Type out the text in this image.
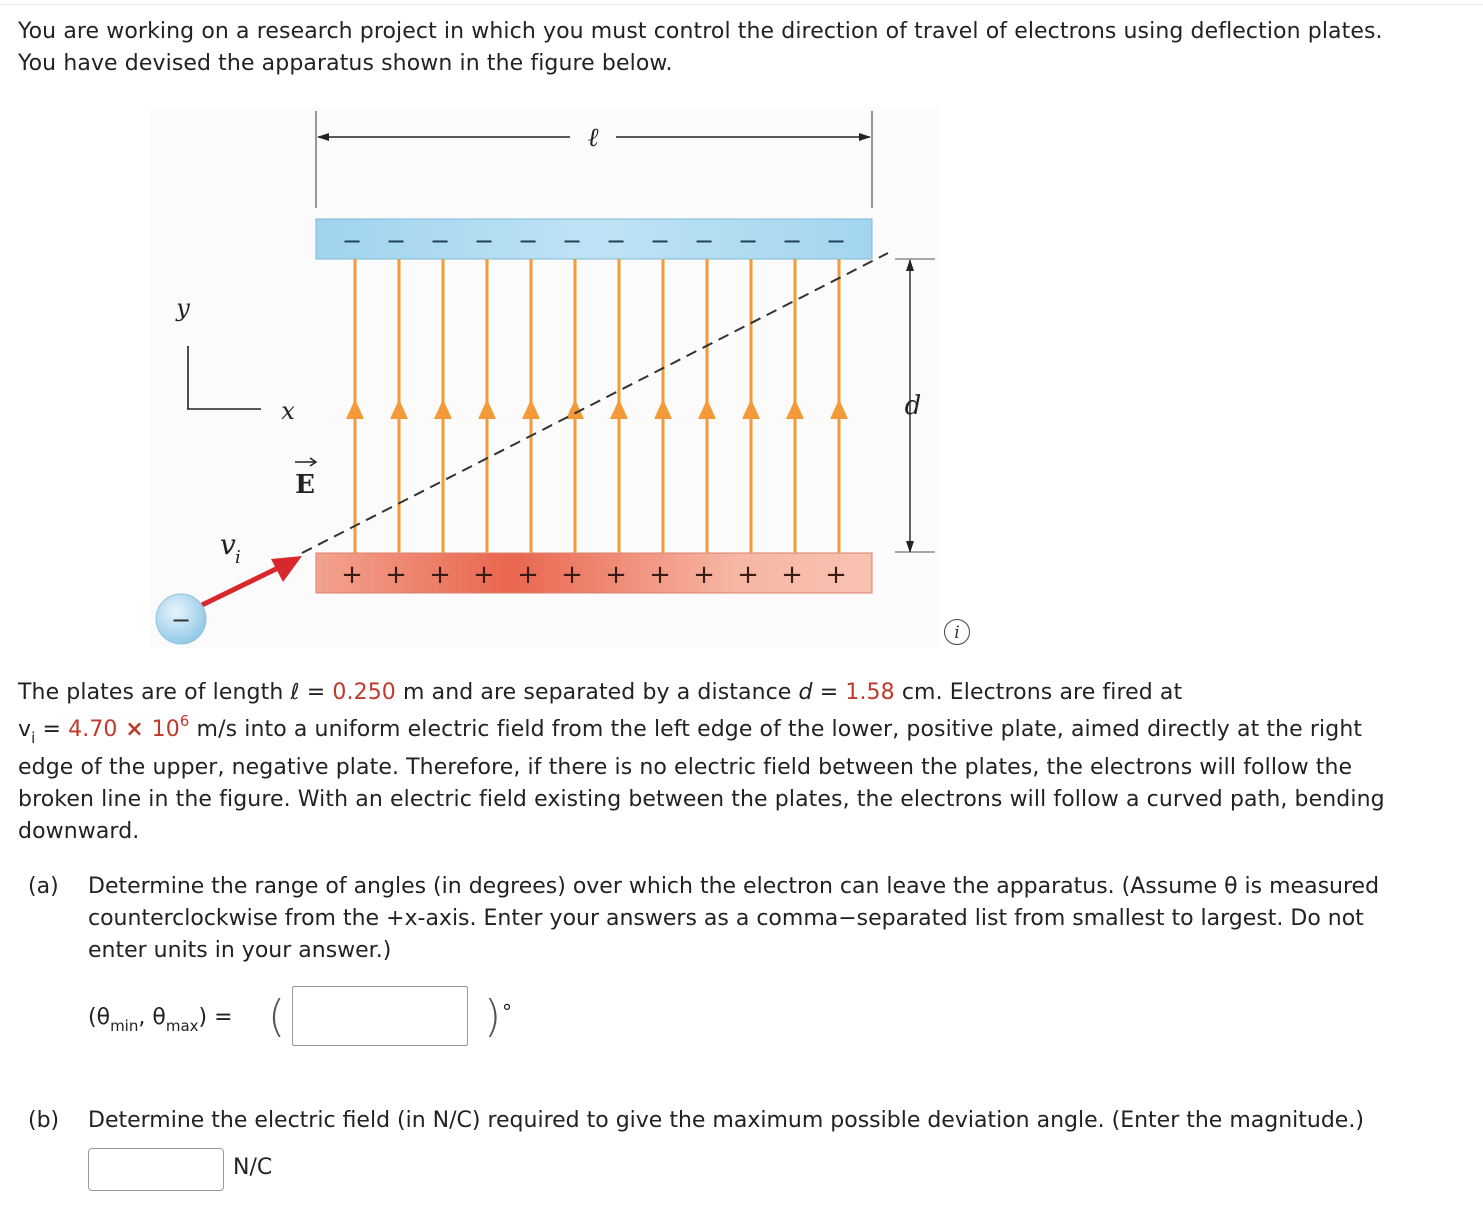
You are working on a research project in which you must control the direction of travel of electrons using deflection plates.
You have devised the apparatus shown in the figure below.
ℓ
− − − − − − − − − − − −
+ + + + + + + + + + + +
d
y
x
E
v i
−	i
The plates are of length ℓ = 0.250 m and are separated by a distance d = 1.58 cm. Electrons are fired at
$v_i = 4.70 \times 10^6$ m/s into a uniform electric field from the left edge of the lower, positive plate, aimed directly at the right
edge of the upper, negative plate. Therefore, if there is no electric field between the plates, the electrons will follow the
broken line in the figure. With an electric field existing between the plates, the electrons will follow a curved path, bending
downward.
(a) Determine the range of angles (in degrees) over which the electron can leave the apparatus. (Assume θ is measured
counterclockwise from the +x-axis. Enter your answers as a comma−separated list from smallest to largest. Do not
enter units in your answer.)
($\theta_{min}$, $\theta_{max}$) = (	) °
(b) Determine the electric field (in N/C) required to give the maximum possible deviation angle. (Enter the magnitude.)
N/C
